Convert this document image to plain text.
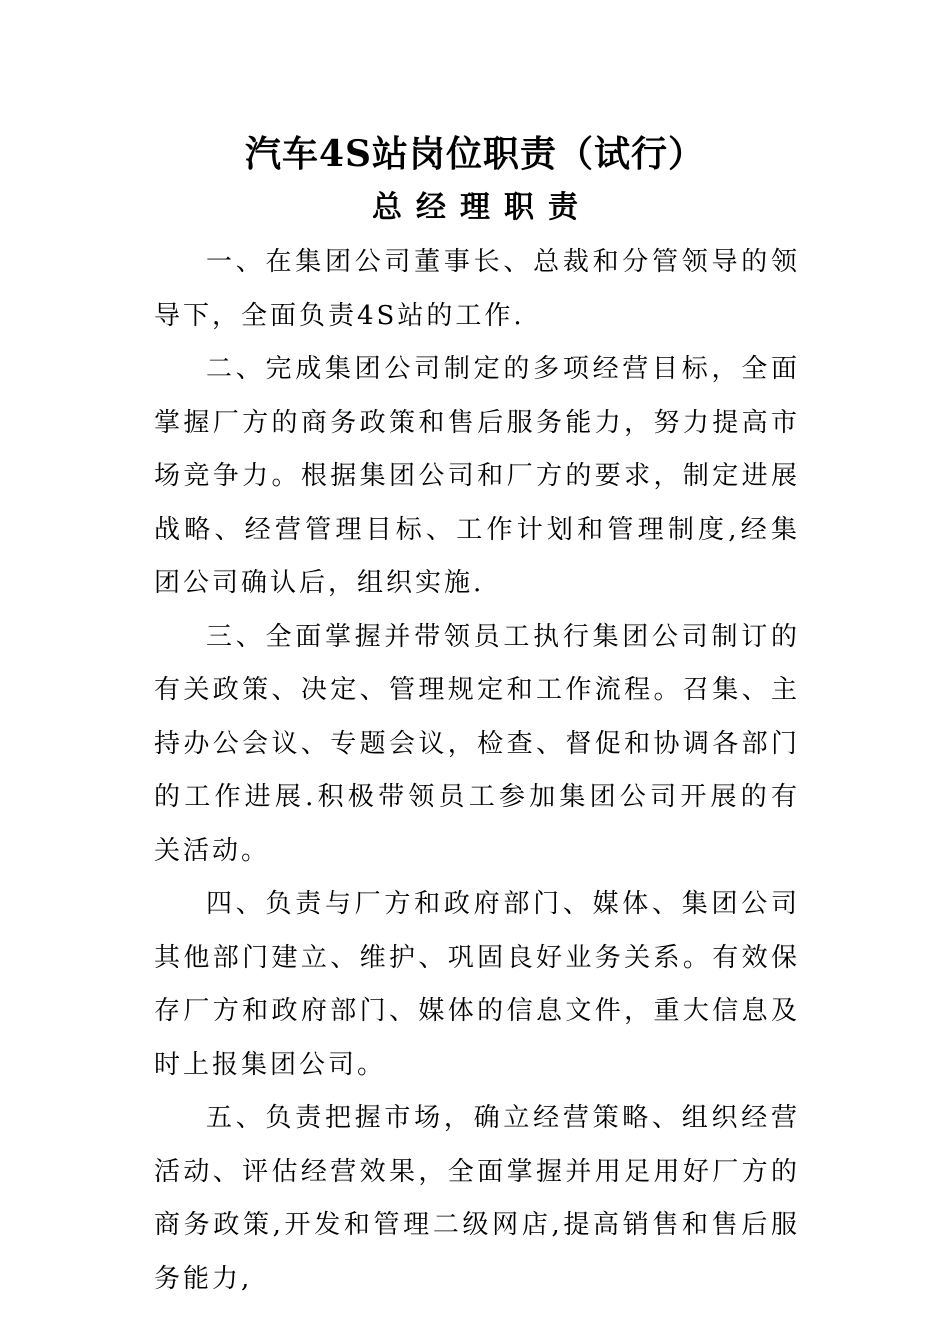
汽车4S站岗位职责（试行）
总经理职责

一、在集团公司董事长、总裁和分管领导的领导下，全面负责4S站的工作.

二、完成集团公司制定的多项经营目标，全面掌握厂方的商务政策和售后服务能力，努力提高市场竞争力。根据集团公司和厂方的要求，制定进展战略、经营管理目标、工作计划和管理制度,经集团公司确认后，组织实施.

三、全面掌握并带领员工执行集团公司制订的有关政策、决定、管理规定和工作流程。召集、主持办公会议、专题会议，检查、督促和协调各部门的工作进展.积极带领员工参加集团公司开展的有关活动。

四、负责与厂方和政府部门、媒体、集团公司其他部门建立、维护、巩固良好业务关系。有效保存厂方和政府部门、媒体的信息文件，重大信息及时上报集团公司。

五、负责把握市场，确立经营策略、组织经营活动、评估经营效果，全面掌握并用足用好厂方的商务政策,开发和管理二级网店,提高销售和售后服务能力,
